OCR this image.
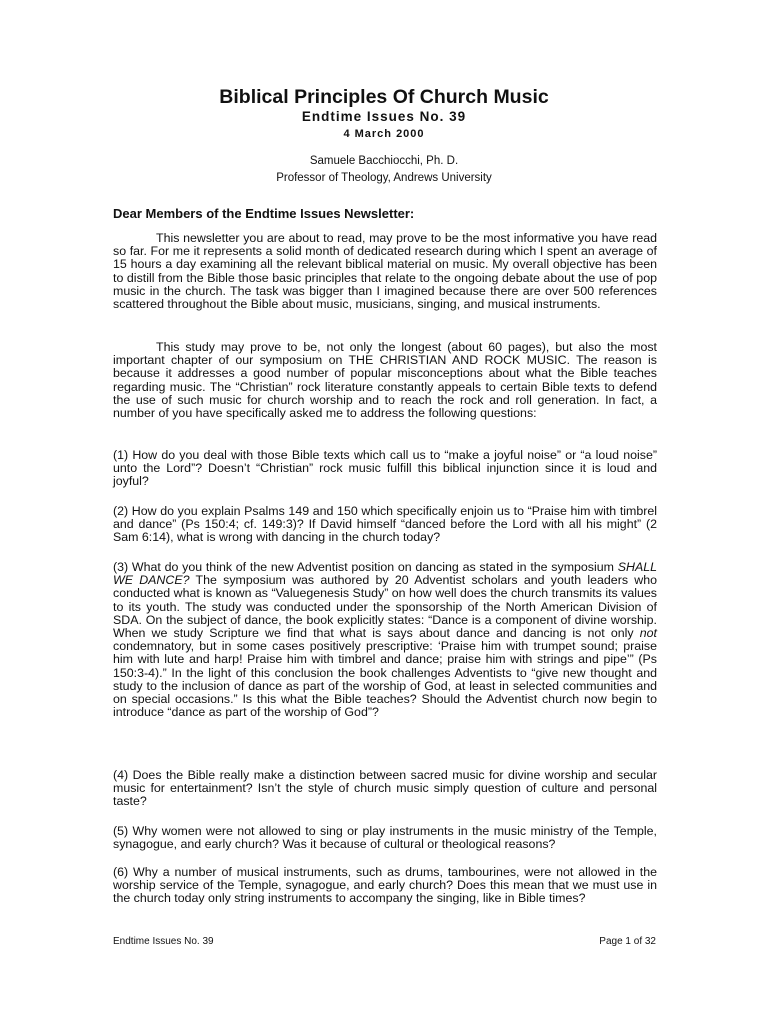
Biblical Principles Of Church Music
Endtime Issues No. 39
4 March 2000
Samuele Bacchiocchi, Ph. D.
Professor of Theology, Andrews University
Dear Members of the Endtime Issues Newsletter:

This newsletter you are about to read, may prove to be the most informative you have read so far. For me it represents a solid month of dedicated research during which I spent an average of 15 hours a day examining all the relevant biblical material on music. My overall objective has been to distill from the Bible those basic principles that relate to the ongoing debate about the use of pop music in the church. The task was bigger than I imagined because there are over 500 references scattered throughout the Bible about music, musicians, singing, and musical instruments.

This study may prove to be, not only the longest (about 60 pages), but also the most important chapter of our symposium on THE CHRISTIAN AND ROCK MUSIC. The reason is because it addresses a good number of popular misconceptions about what the Bible teaches regarding music. The “Christian” rock literature constantly appeals to certain Bible texts to defend the use of such music for church worship and to reach the rock and roll generation. In fact, a number of you have specifically asked me to address the following questions:

(1) How do you deal with those Bible texts which call us to “make a joyful noise” or “a loud noise” unto the Lord”? Doesn’t “Christian” rock music fulfill this biblical injunction since it is loud and joyful?

(2) How do you explain Psalms 149 and 150 which specifically enjoin us to “Praise him with timbrel and dance” (Ps 150:4; cf. 149:3)? If David himself “danced before the Lord with all his might” (2 Sam 6:14), what is wrong with dancing in the church today?

(3) What do you think of the new Adventist position on dancing as stated in the symposium SHALL WE DANCE? The symposium was authored by 20 Adventist scholars and youth leaders who conducted what is known as “Valuegenesis Study” on how well does the church transmits its values to its youth. The study was conducted under the sponsorship of the North American Division of SDA. On the subject of dance, the book explicitly states: “Dance is a component of divine worship. When we study Scripture we find that what is says about dance and dancing is not only not condemnatory, but in some cases positively prescriptive: ‘Praise him with trumpet sound; praise him with lute and harp! Praise him with timbrel and dance; praise him with strings and pipe’” (Ps 150:3-4).” In the light of this conclusion the book challenges Adventists to “give new thought and study to the inclusion of dance as part of the worship of God, at least in selected communities and on special occasions.” Is this what the Bible teaches? Should the Adventist church now begin to introduce “dance as part of the worship of God”?

(4) Does the Bible really make a distinction between sacred music for divine worship and secular music for entertainment? Isn’t the style of church music simply question of culture and personal taste?

(5) Why women were not allowed to sing or play instruments in the music ministry of the Temple, synagogue, and early church? Was it because of cultural or theological reasons?

(6) Why a number of musical instruments, such as drums, tambourines, were not allowed in the worship service of the Temple, synagogue, and early church? Does this mean that we must use in the church today only string instruments to accompany the singing, like in Bible times?

Endtime Issues No. 39	Page 1 of 32
